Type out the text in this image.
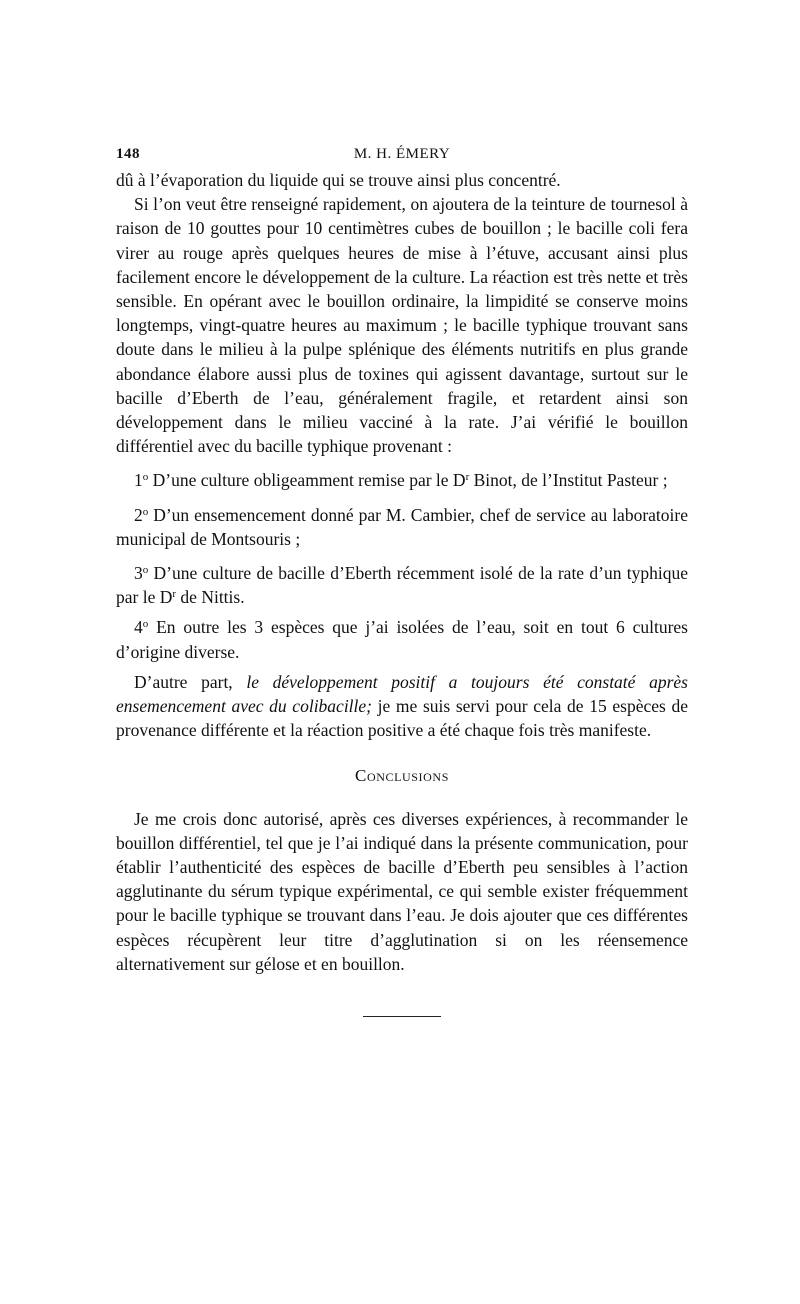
148	M. H. ÉMERY

dû à l’évaporation du liquide qui se trouve ainsi plus concentré.

Si l’on veut être renseigné rapidement, on ajoutera de la teinture de tournesol à raison de 10 gouttes pour 10 centimètres cubes de bouillon ; le bacille coli fera virer au rouge après quelques heures de mise à l’étuve, accusant ainsi plus facilement encore le développement de la culture. La réaction est très nette et très sensible. En opérant avec le bouillon ordinaire, la limpidité se conserve moins longtemps, vingt-quatre heures au maximum ; le bacille typhique trouvant sans doute dans le milieu à la pulpe splénique des éléments nutritifs en plus grande abondance élabore aussi plus de toxines qui agissent davantage, surtout sur le bacille d’Eberth de l’eau, généralement fragile, et retardent ainsi son développement dans le milieu vacciné à la rate. J’ai vérifié le bouillon différentiel avec du bacille typhique provenant :

1$^o$ D’une culture obligeamment remise par le $D^r$ Binot, de l’Institut Pasteur ;

2$^o$ D’un ensemencement donné par M. Cambier, chef de service au laboratoire municipal de Montsouris ;

3$^o$ D’une culture de bacille d’Eberth récemment isolé de la rate d’un typhique par le $D^r$ de Nittis.

4$^o$ En outre les 3 espèces que j’ai isolées de l’eau, soit en tout 6 cultures d’origine diverse.

D’autre part, le développement positif a toujours été constaté après ensemencement avec du colibacille; je me suis servi pour cela de 15 espèces de provenance différente et la réaction positive a été chaque fois très manifeste.

Conclusions

Je me crois donc autorisé, après ces diverses expériences, à recommander le bouillon différentiel, tel que je l’ai indiqué dans la présente communication, pour établir l’authenticité des espèces de bacille d’Eberth peu sensibles à l’action agglutinante du sérum typique expérimental, ce qui semble exister fréquemment pour le bacille typhique se trouvant dans l’eau. Je dois ajouter que ces différentes espèces récupèrent leur titre d’agglutination si on les réensemence alternativement sur gélose et en bouillon.
